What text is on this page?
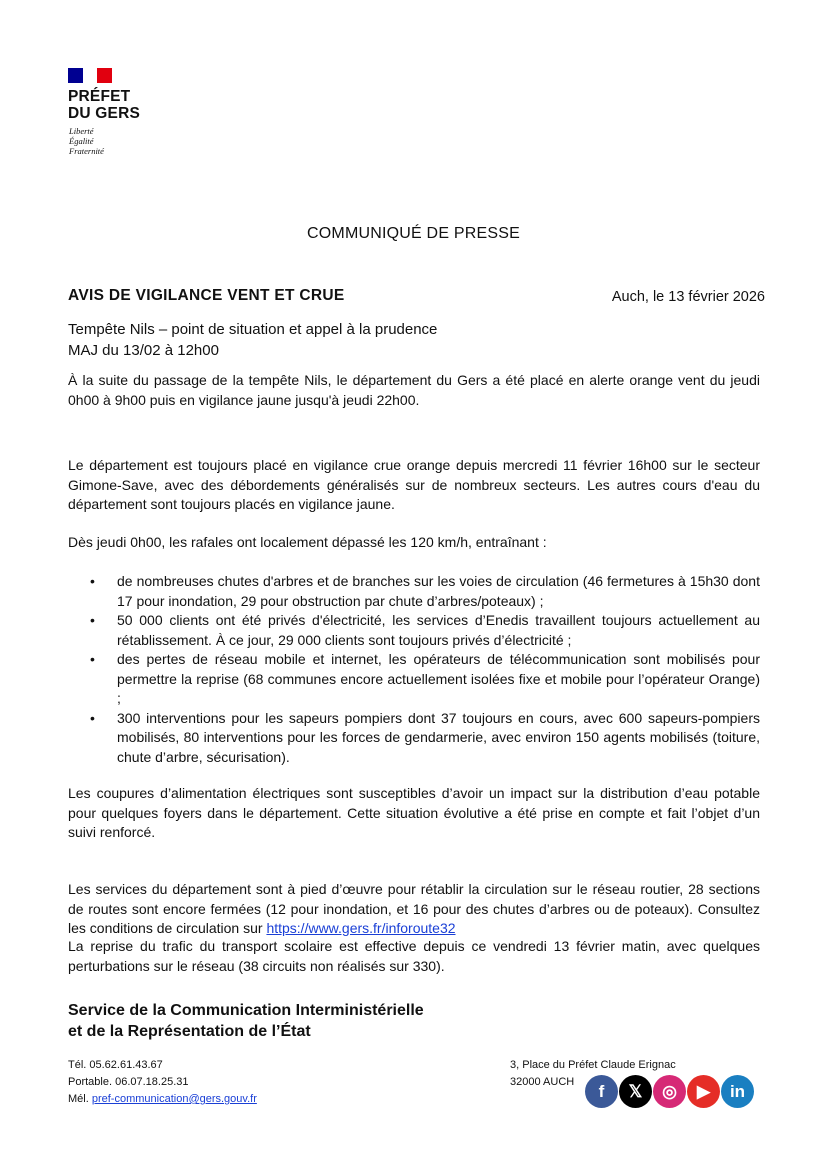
PRÉFET
DU GERS
Liberté
Égalité
Fraternité
COMMUNIQUÉ DE PRESSE
AVIS DE VIGILANCE VENT ET CRUE	Auch, le 13 février 2026
Tempête Nils – point de situation et appel à la prudence
MAJ du 13/02 à 12h00

À la suite du passage de la tempête Nils, le département du Gers a été placé en alerte orange vent du jeudi 0h00 à 9h00 puis en vigilance jaune jusqu'à jeudi 22h00.

Le département est toujours placé en vigilance crue orange depuis mercredi 11 février 16h00 sur le secteur Gimone-Save, avec des débordements généralisés sur de nombreux secteurs. Les autres cours d'eau du département sont toujours placés en vigilance jaune.

Dès jeudi 0h00, les rafales ont localement dépassé les 120 km/h, entraînant :

• de nombreuses chutes d'arbres et de branches sur les voies de circulation (46 fermetures à 15h30 dont 17 pour inondation, 29 pour obstruction par chute d’arbres/poteaux) ;
• 50 000 clients ont été privés d'électricité, les services d’Enedis travaillent toujours actuellement au rétablissement. À ce jour, 29 000 clients sont toujours privés d’électricité ;
• des pertes de réseau mobile et internet, les opérateurs de télécommunication sont mobilisés pour permettre la reprise (68 communes encore actuellement isolées fixe et mobile pour l’opérateur Orange) ;
• 300 interventions pour les sapeurs pompiers dont 37 toujours en cours, avec 600 sapeurs-pompiers mobilisés, 80 interventions pour les forces de gendarmerie, avec environ 150 agents mobilisés (toiture, chute d’arbre, sécurisation).

Les coupures d’alimentation électriques sont susceptibles d’avoir un impact sur la distribution d’eau potable pour quelques foyers dans le département. Cette situation évolutive a été prise en compte et fait l’objet d’un suivi renforcé.

Les services du département sont à pied d’œuvre pour rétablir la circulation sur le réseau routier, 28 sections de routes sont encore fermées (12 pour inondation, et 16 pour des chutes d’arbres ou de poteaux). Consultez les conditions de circulation sur https://www.gers.fr/inforoute32

La reprise du trafic du transport scolaire est effective depuis ce vendredi 13 février matin, avec quelques perturbations sur le réseau (38 circuits non réalisés sur 330).

Service de la Communication Interministérielle
et de la Représentation de l’État
Tél. 05.62.61.43.67
Portable. 06.07.18.25.31
Mél. pref-communication@gers.gouv.fr
3, Place du Préfet Claude Erignac
32000 AUCH	f	𝕏	◎	▶	in
